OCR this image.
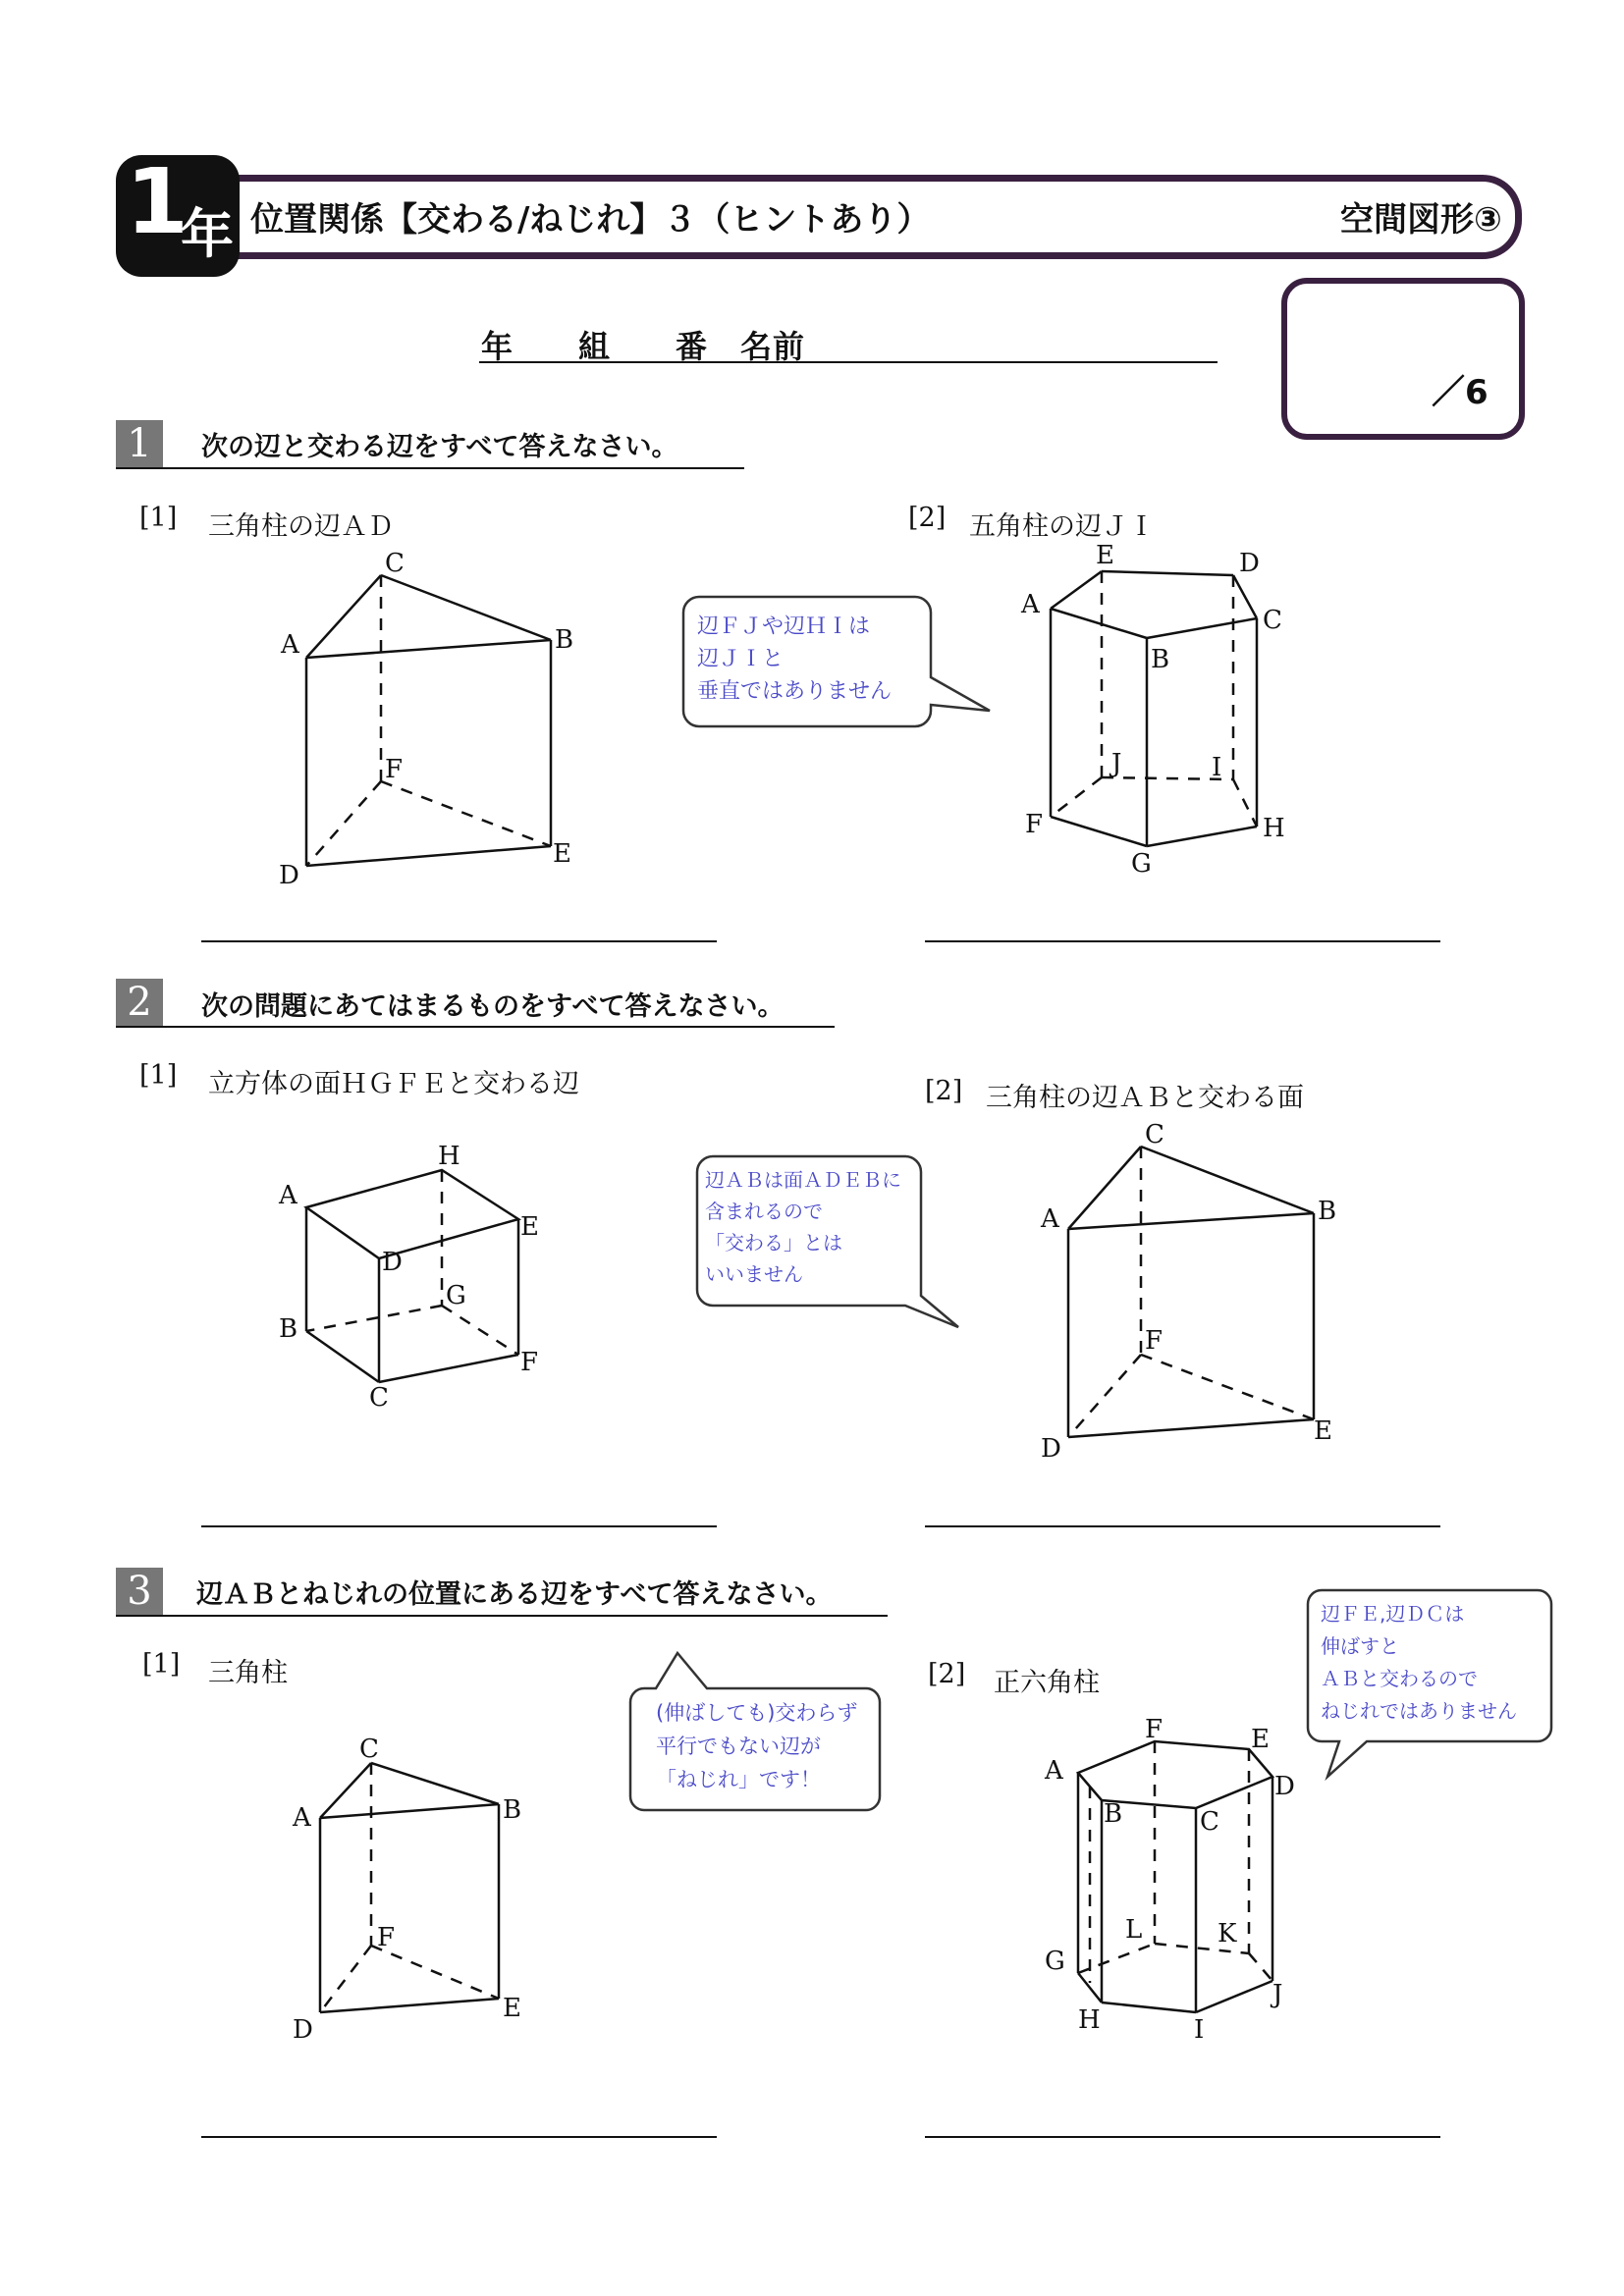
1
年 位置関係【交わる/ねじれ】３（ヒントあり）	空間図形③
／6
年　　組　　番　名前
1	次の辺と交わる辺をすべて答えなさい。
[1] 三角柱の辺ＡＤ	[2] 五角柱の辺ＪＩ
辺ＦＪや辺ＨＩは
辺ＪＩと
垂直ではありません
A	B
C
D
E
F
A
B
C
D
E
F
G
H
I
J
2	次の問題にあてはまるものをすべて答えなさい。
[1] 立方体の面ＨＧＦＥと交わる辺	[2] 三角柱の辺ＡＢと交わる面
A
B
C
D
E
F
G
H
辺ＡＢは面ＡＤＥＢに
含まれるので
「交わる」とは
いいません
A	B
C
D
E
F
3	辺ＡＢとねじれの位置にある辺をすべて答えなさい。
[1] 三角柱	[2] 正六角柱
(伸ばしても)交わらず
平行でもない辺が
「ねじれ」です！
辺ＦＥ,辺ＤＣは
伸ばすと
ＡＢと交わるので
ねじれではありません
A	B
C
D
E
F
A
B	C
D
E
F
G
H	I
J
K
L
